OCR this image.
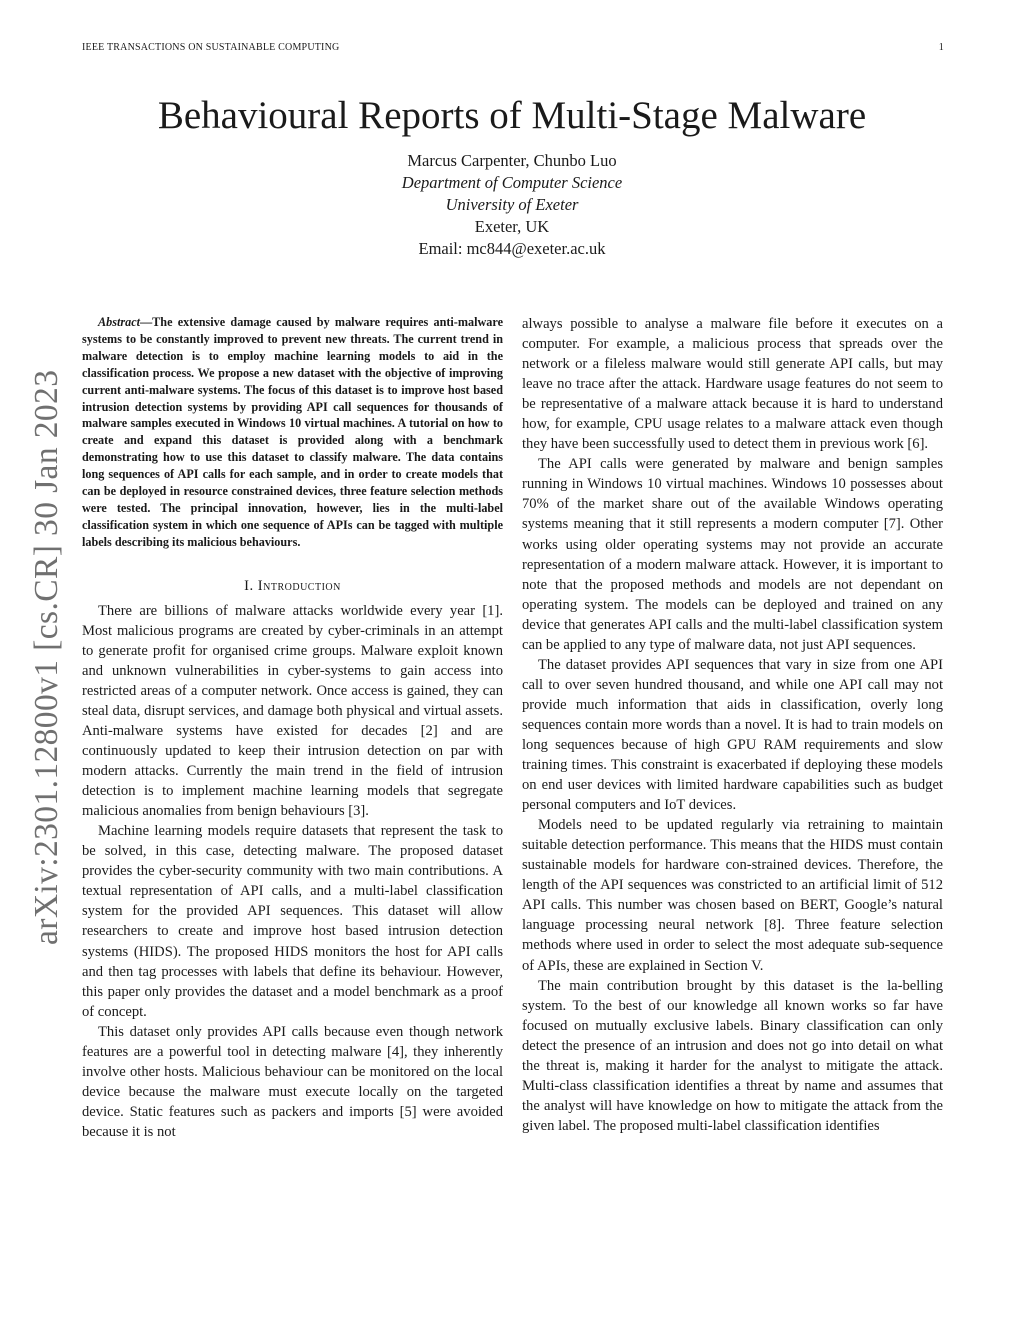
IEEE TRANSACTIONS ON SUSTAINABLE COMPUTING	1
arXiv:2301.12800v1 [cs.CR] 30 Jan 2023
Behavioural Reports of Multi-Stage Malware
Marcus Carpenter, Chunbo Luo
Department of Computer Science
University of Exeter
Exeter, UK
Email: mc844@exeter.ac.uk

Abstract—The extensive damage caused by malware requires anti-malware systems to be constantly improved to prevent new threats. The current trend in malware detection is to employ machine learning models to aid in the classification process. We propose a new dataset with the objective of improving current anti-malware systems. The focus of this dataset is to improve host based intrusion detection systems by providing API call sequences for thousands of malware samples executed in Windows 10 virtual machines. A tutorial on how to create and expand this dataset is provided along with a benchmark demonstrating how to use this dataset to classify malware. The data contains long sequences of API calls for each sample, and in order to create models that can be deployed in resource constrained devices, three feature selection methods were tested. The principal innovation, however, lies in the multi-label classification system in which one sequence of APIs can be tagged with multiple labels describing its malicious behaviours.

I. Introduction

There are billions of malware attacks worldwide every year [1]. Most malicious programs are created by cyber-criminals in an attempt to generate profit for organised crime groups. Malware exploit known and unknown vulnerabilities in cyber-systems to gain access into restricted areas of a computer network. Once access is gained, they can steal data, disrupt services, and damage both physical and virtual assets. Anti-malware systems have existed for decades [2] and are continuously updated to keep their intrusion detection on par with modern attacks. Currently the main trend in the field of intrusion detection is to implement machine learning models that segregate malicious anomalies from benign behaviours [3].

Machine learning models require datasets that represent the task to be solved, in this case, detecting malware. The proposed dataset provides the cyber-security community with two main contributions. A textual representation of API calls, and a multi-label classification system for the provided API sequences. This dataset will allow researchers to create and improve host based intrusion detection systems (HIDS). The proposed HIDS monitors the host for API calls and then tag processes with labels that define its behaviour. However, this paper only provides the dataset and a model benchmark as a proof of concept.

This dataset only provides API calls because even though network features are a powerful tool in detecting malware [4], they inherently involve other hosts. Malicious behaviour can be monitored on the local device because the malware must execute locally on the targeted device. Static features such as packers and imports [5] were avoided because it is not

always possible to analyse a malware file before it executes on a computer. For example, a malicious process that spreads over the network or a fileless malware would still generate API calls, but may leave no trace after the attack. Hardware usage features do not seem to be representative of a malware attack because it is hard to understand how, for example, CPU usage relates to a malware attack even though they have been successfully used to detect them in previous work [6].

The API calls were generated by malware and benign samples running in Windows 10 virtual machines. Windows 10 possesses about 70% of the market share out of the available Windows operating systems meaning that it still represents a modern computer [7]. Other works using older operating systems may not provide an accurate representation of a modern malware attack. However, it is important to note that the proposed methods and models are not dependant on operating system. The models can be deployed and trained on any device that generates API calls and the multi-label classification system can be applied to any type of malware data, not just API sequences.

The dataset provides API sequences that vary in size from one API call to over seven hundred thousand, and while one API call may not provide much information that aids in classification, overly long sequences contain more words than a novel. It is had to train models on long sequences because of high GPU RAM requirements and slow training times. This constraint is exacerbated if deploying these models on end user devices with limited hardware capabilities such as budget personal computers and IoT devices.

Models need to be updated regularly via retraining to maintain suitable detection performance. This means that the HIDS must contain sustainable models for hardware con-strained devices. Therefore, the length of the API sequences was constricted to an artificial limit of 512 API calls. This number was chosen based on BERT, Google’s natural language processing neural network [8]. Three feature selection methods where used in order to select the most adequate sub-sequence of APIs, these are explained in Section V.

The main contribution brought by this dataset is the la-belling system. To the best of our knowledge all known works so far have focused on mutually exclusive labels. Binary classification can only detect the presence of an intrusion and does not go into detail on what the threat is, making it harder for the analyst to mitigate the attack. Multi-class classification identifies a threat by name and assumes that the analyst will have knowledge on how to mitigate the attack from the given label. The proposed multi-label classification identifies
